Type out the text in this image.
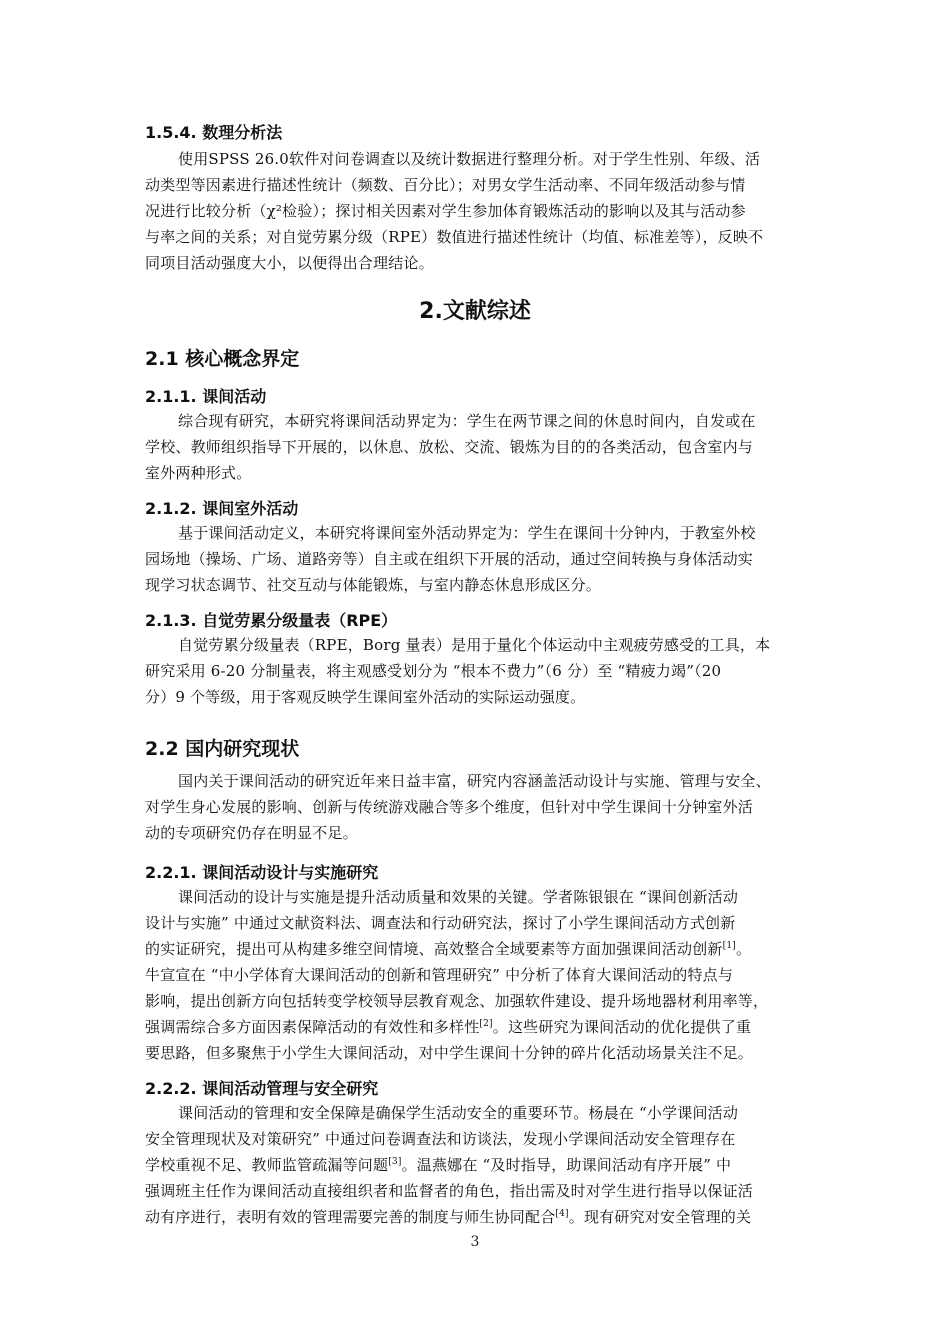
1.5.4. 数理分析法
使用SPSS 26.0软件对问卷调查以及统计数据进行整理分析。对于学生性别、年级、活
动类型等因素进行描述性统计（频数、百分比）；对男女学生活动率、不同年级活动参与情
况进行比较分析（χ²检验）；探讨相关因素对学生参加体育锻炼活动的影响以及其与活动参
与率之间的关系；对自觉劳累分级（RPE）数值进行描述性统计（均值、标准差等），反映不
同项目活动强度大小，以便得出合理结论。
2.文献综述
2.1 核心概念界定
2.1.1. 课间活动
综合现有研究，本研究将课间活动界定为：学生在两节课之间的休息时间内，自发或在
学校、教师组织指导下开展的，以休息、放松、交流、锻炼为目的的各类活动，包含室内与
室外两种形式。
2.1.2. 课间室外活动
基于课间活动定义，本研究将课间室外活动界定为：学生在课间十分钟内，于教室外校
园场地（操场、广场、道路旁等）自主或在组织下开展的活动，通过空间转换与身体活动实
现学习状态调节、社交互动与体能锻炼，与室内静态休息形成区分。
2.1.3. 自觉劳累分级量表（RPE）
自觉劳累分级量表（RPE，Borg 量表）是用于量化个体运动中主观疲劳感受的工具，本
研究采用 6-20 分制量表，将主观感受划分为 “根本不费力”（6 分）至 “精疲力竭”（20
分）9 个等级，用于客观反映学生课间室外活动的实际运动强度。
2.2 国内研究现状
国内关于课间活动的研究近年来日益丰富，研究内容涵盖活动设计与实施、管理与安全、
对学生身心发展的影响、创新与传统游戏融合等多个维度，但针对中学生课间十分钟室外活
动的专项研究仍存在明显不足。
2.2.1. 课间活动设计与实施研究
课间活动的设计与实施是提升活动质量和效果的关键。学者陈银银在 “课间创新活动
设计与实施” 中通过文献资料法、调查法和行动研究法，探讨了小学生课间活动方式创新
的实证研究，提出可从构建多维空间情境、高效整合全域要素等方面加强课间活动创新[1]。
牛宣宣在 “中小学体育大课间活动的创新和管理研究” 中分析了体育大课间活动的特点与
影响，提出创新方向包括转变学校领导层教育观念、加强软件建设、提升场地器材利用率等，
强调需综合多方面因素保障活动的有效性和多样性[2]。这些研究为课间活动的优化提供了重
要思路，但多聚焦于小学生大课间活动，对中学生课间十分钟的碎片化活动场景关注不足。
2.2.2. 课间活动管理与安全研究
课间活动的管理和安全保障是确保学生活动安全的重要环节。杨晨在 “小学课间活动
安全管理现状及对策研究” 中通过问卷调查法和访谈法，发现小学课间活动安全管理存在
学校重视不足、教师监管疏漏等问题[3]。温燕娜在 “及时指导，助课间活动有序开展” 中
强调班主任作为课间活动直接组织者和监督者的角色，指出需及时对学生进行指导以保证活
动有序进行，表明有效的管理需要完善的制度与师生协同配合[4]。现有研究对安全管理的关
3
